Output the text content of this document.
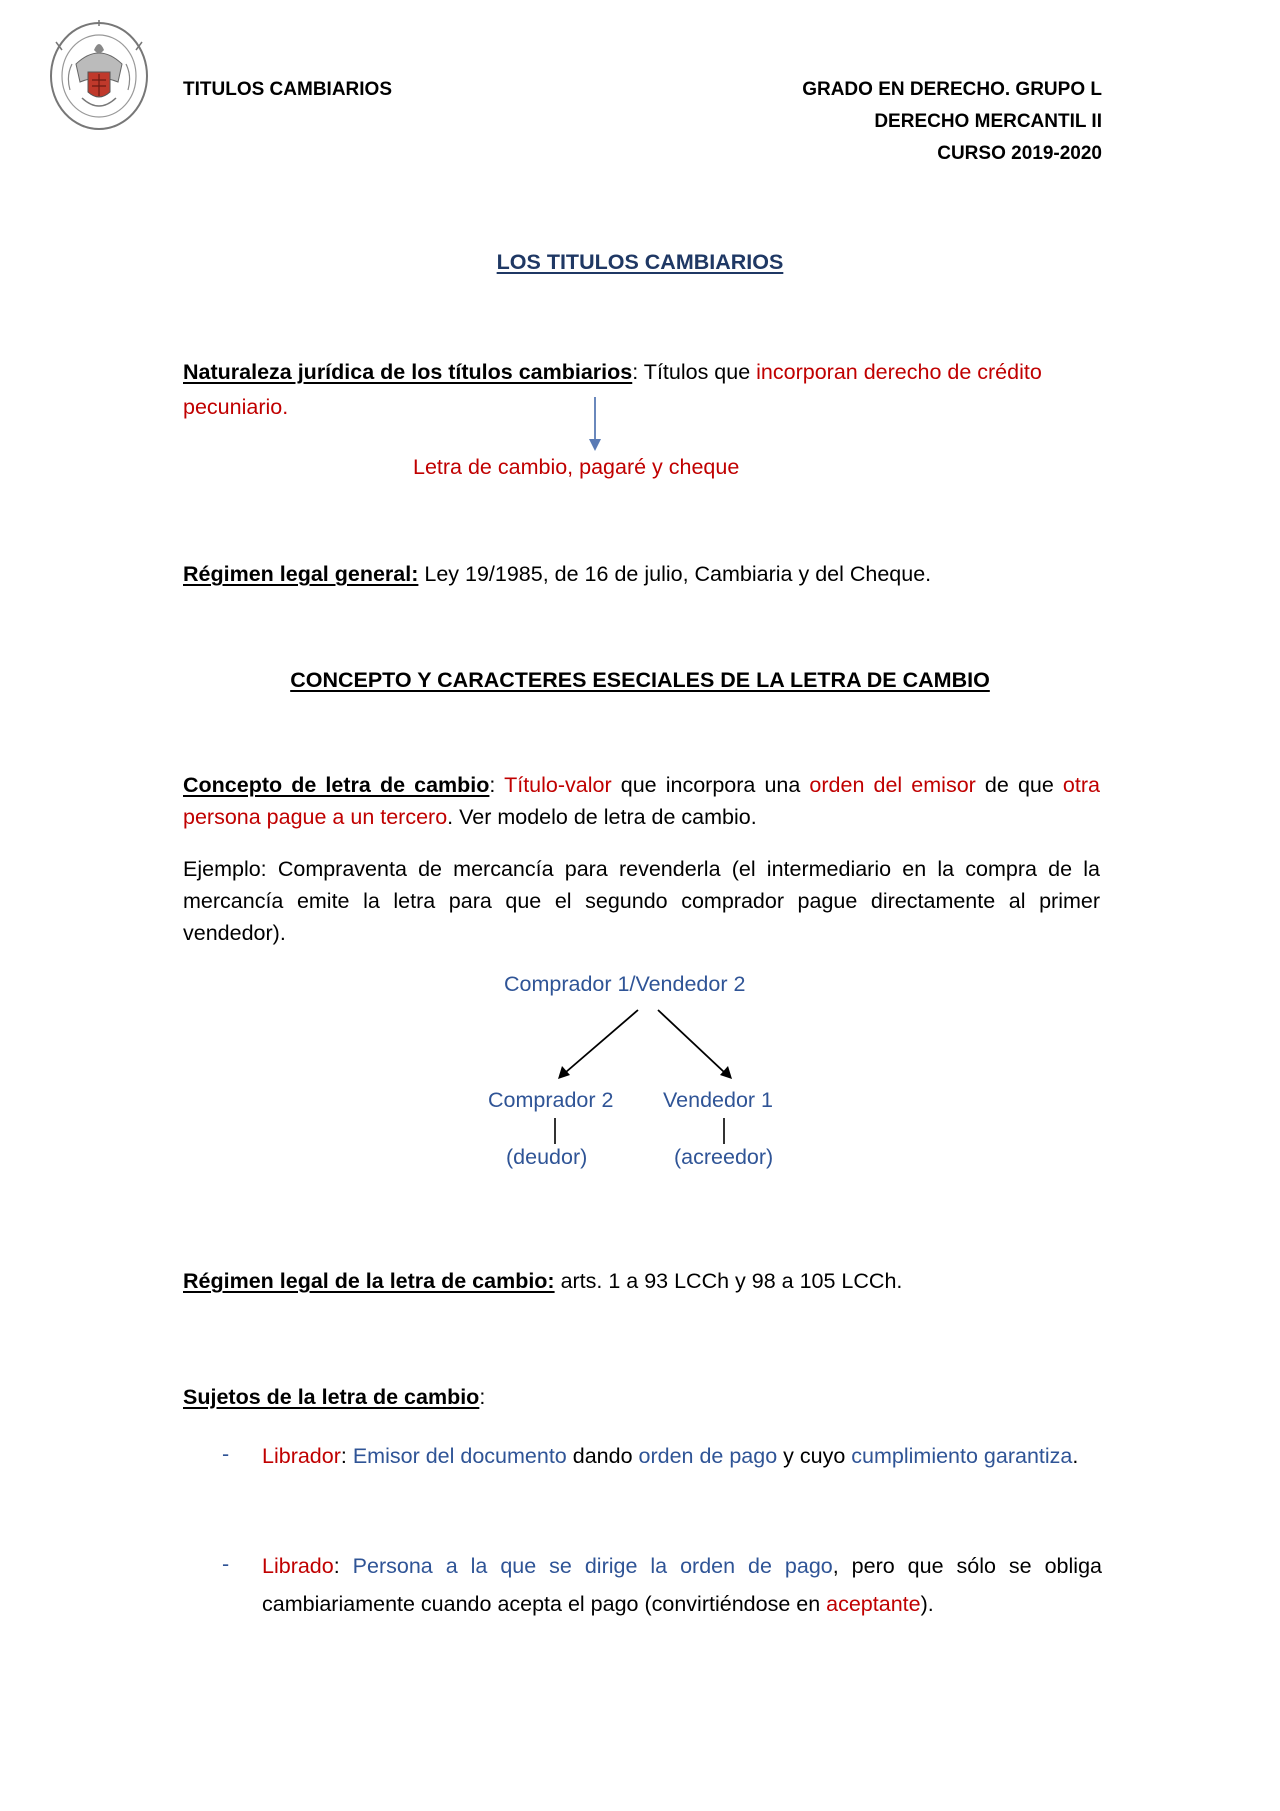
TITULOS CAMBIARIOS	GRADO EN DERECHO. GRUPO L
DERECHO MERCANTIL II
CURSO 2019-2020
LOS TITULOS CAMBIARIOS
Naturaleza jurídica de los títulos cambiarios: Títulos que incorporan derecho de crédito pecuniario.
Letra de cambio, pagaré y cheque
Régimen legal general: Ley 19/1985, de 16 de julio, Cambiaria y del Cheque.
CONCEPTO Y CARACTERES ESECIALES DE LA LETRA DE CAMBIO
Concepto de letra de cambio: Título-valor que incorpora una orden del emisor de que otra persona pague a un tercero. Ver modelo de letra de cambio.
Ejemplo: Compraventa de mercancía para revenderla (el intermediario en la compra de la mercancía emite la letra para que el segundo comprador pague directamente al primer vendedor).
Comprador 1/Vendedor 2
Comprador 2 Vendedor 1
(deudor)	(acreedor)
Régimen legal de la letra de cambio: arts. 1 a 93 LCCh y 98 a 105 LCCh.
Sujetos de la letra de cambio:
- Librador: Emisor del documento dando orden de pago y cuyo cumplimiento garantiza.
- Librado: Persona a la que se dirige la orden de pago, pero que sólo se obliga cambiariamente cuando acepta el pago (convirtiéndose en aceptante).
